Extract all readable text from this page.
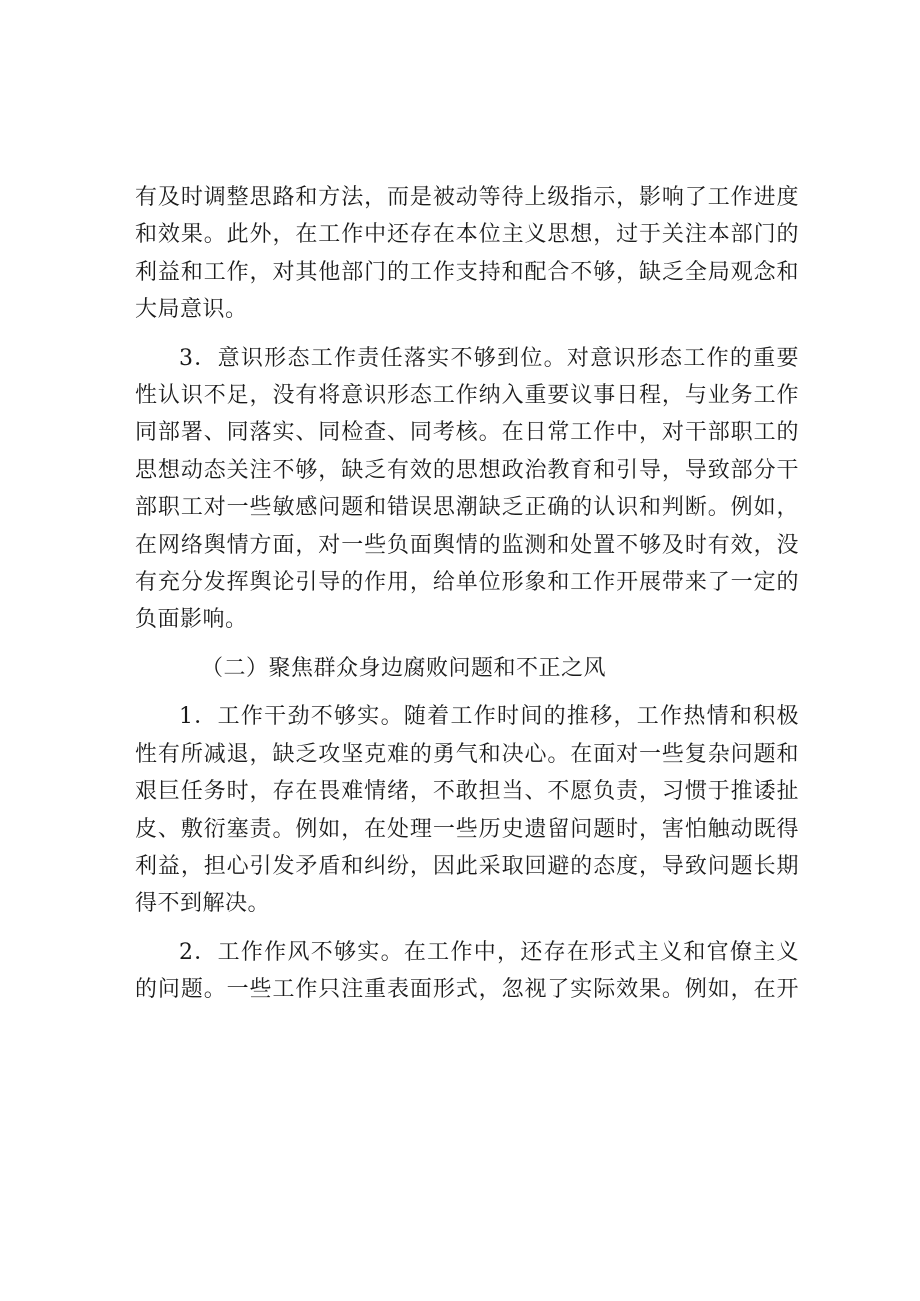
有及时调整思路和方法，而是被动等待上级指示，影响了工作进度
和效果。此外，在工作中还存在本位主义思想，过于关注本部门的
利益和工作，对其他部门的工作支持和配合不够，缺乏全局观念和
大局意识。
3．意识形态工作责任落实不够到位。对意识形态工作的重要
性认识不足，没有将意识形态工作纳入重要议事日程，与业务工作
同部署、同落实、同检查、同考核。在日常工作中，对干部职工的
思想动态关注不够，缺乏有效的思想政治教育和引导，导致部分干
部职工对一些敏感问题和错误思潮缺乏正确的认识和判断。例如，
在网络舆情方面，对一些负面舆情的监测和处置不够及时有效，没
有充分发挥舆论引导的作用，给单位形象和工作开展带来了一定的
负面影响。
（二）聚焦群众身边腐败问题和不正之风
1．工作干劲不够实。随着工作时间的推移，工作热情和积极
性有所减退，缺乏攻坚克难的勇气和决心。在面对一些复杂问题和
艰巨任务时，存在畏难情绪，不敢担当、不愿负责，习惯于推诿扯
皮、敷衍塞责。例如，在处理一些历史遗留问题时，害怕触动既得
利益，担心引发矛盾和纠纷，因此采取回避的态度，导致问题长期
得不到解决。
2．工作作风不够实。在工作中，还存在形式主义和官僚主义
的问题。一些工作只注重表面形式，忽视了实际效果。例如，在开
